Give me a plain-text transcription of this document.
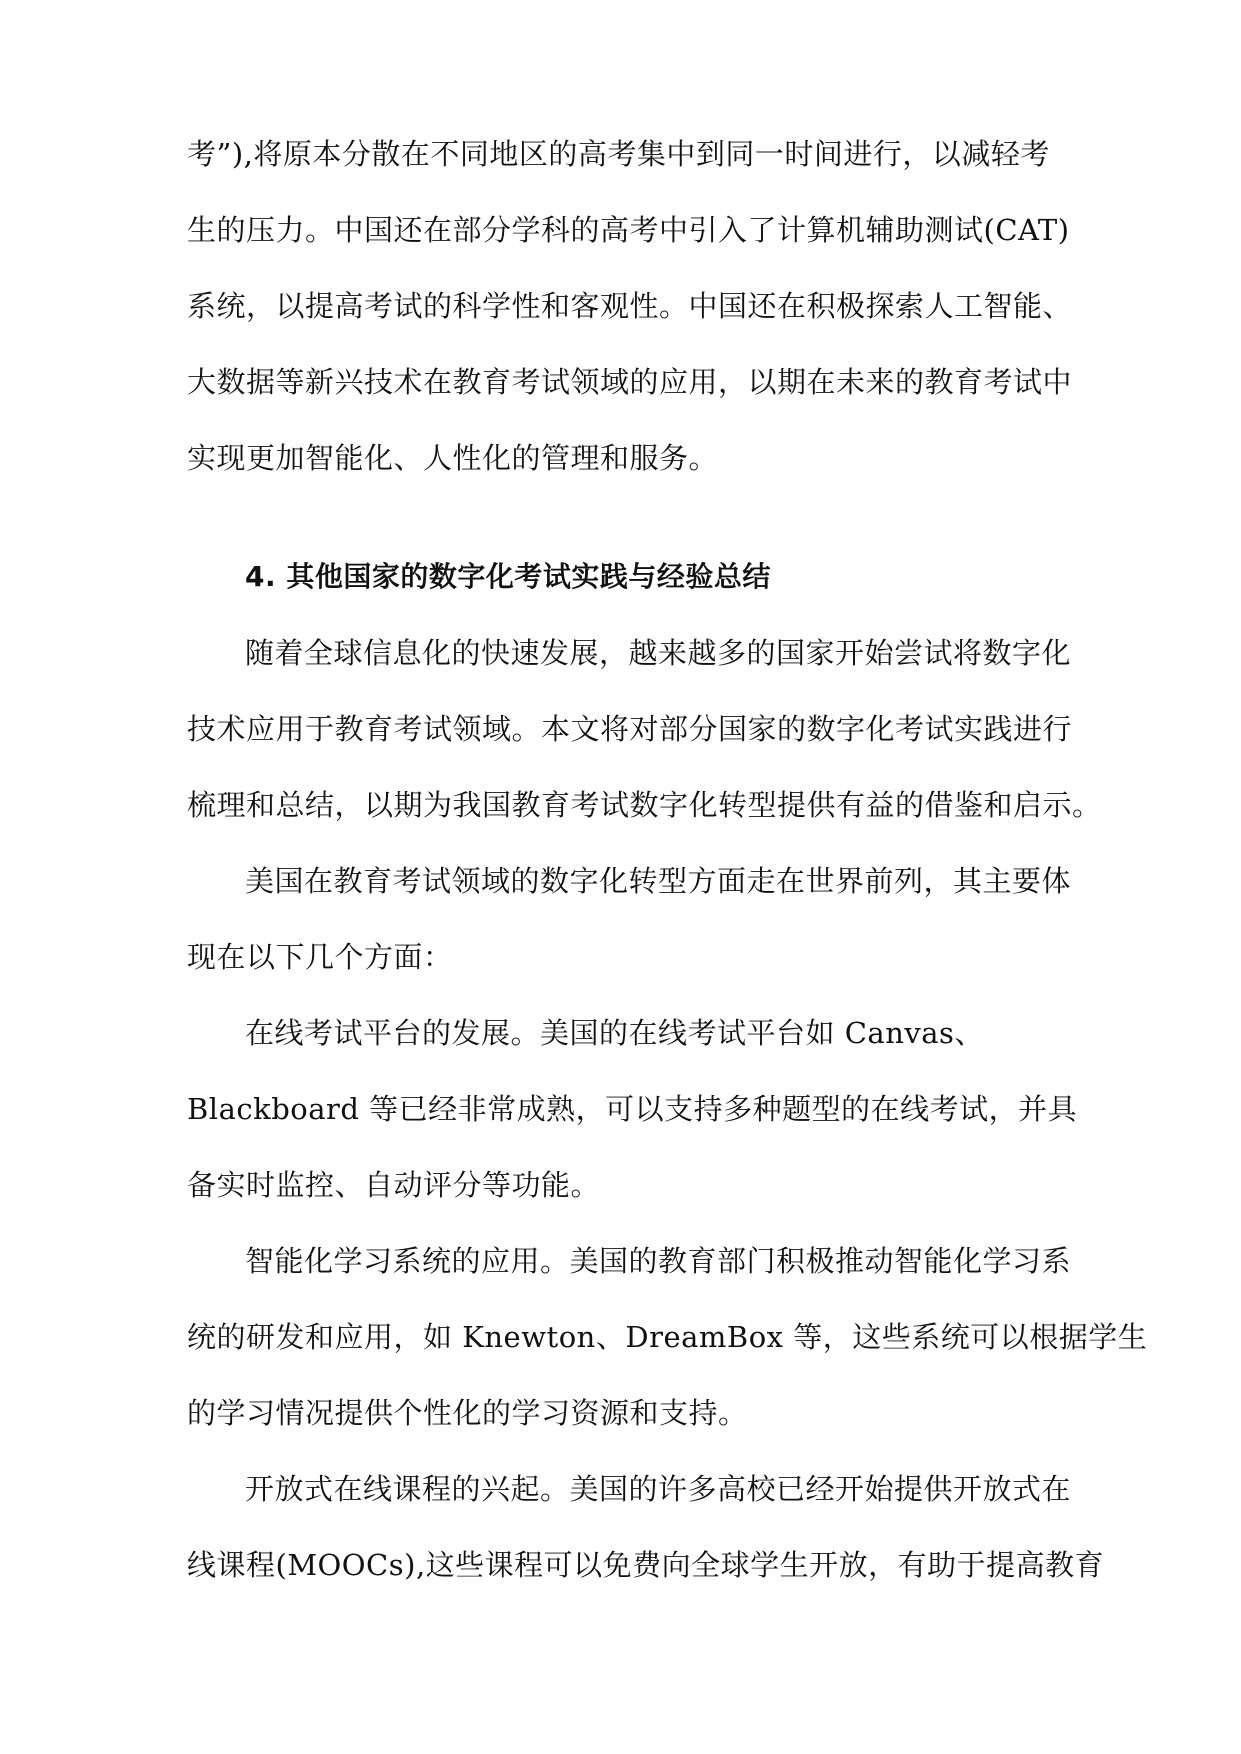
考”),将原本分散在不同地区的高考集中到同一时间进行，以减轻考
生的压力。中国还在部分学科的高考中引入了计算机辅助测试(CAT)
系统，以提高考试的科学性和客观性。中国还在积极探索人工智能、
大数据等新兴技术在教育考试领域的应用，以期在未来的教育考试中
实现更加智能化、人性化的管理和服务。
4. 其他国家的数字化考试实践与经验总结
随着全球信息化的快速发展，越来越多的国家开始尝试将数字化
技术应用于教育考试领域。本文将对部分国家的数字化考试实践进行
梳理和总结，以期为我国教育考试数字化转型提供有益的借鉴和启示。
美国在教育考试领域的数字化转型方面走在世界前列，其主要体
现在以下几个方面：
在线考试平台的发展。美国的在线考试平台如 Canvas、
Blackboard 等已经非常成熟，可以支持多种题型的在线考试，并具
备实时监控、自动评分等功能。
智能化学习系统的应用。美国的教育部门积极推动智能化学习系
统的研发和应用，如 Knewton、DreamBox 等，这些系统可以根据学生
的学习情况提供个性化的学习资源和支持。
开放式在线课程的兴起。美国的许多高校已经开始提供开放式在
线课程(MOOCs),这些课程可以免费向全球学生开放，有助于提高教育
